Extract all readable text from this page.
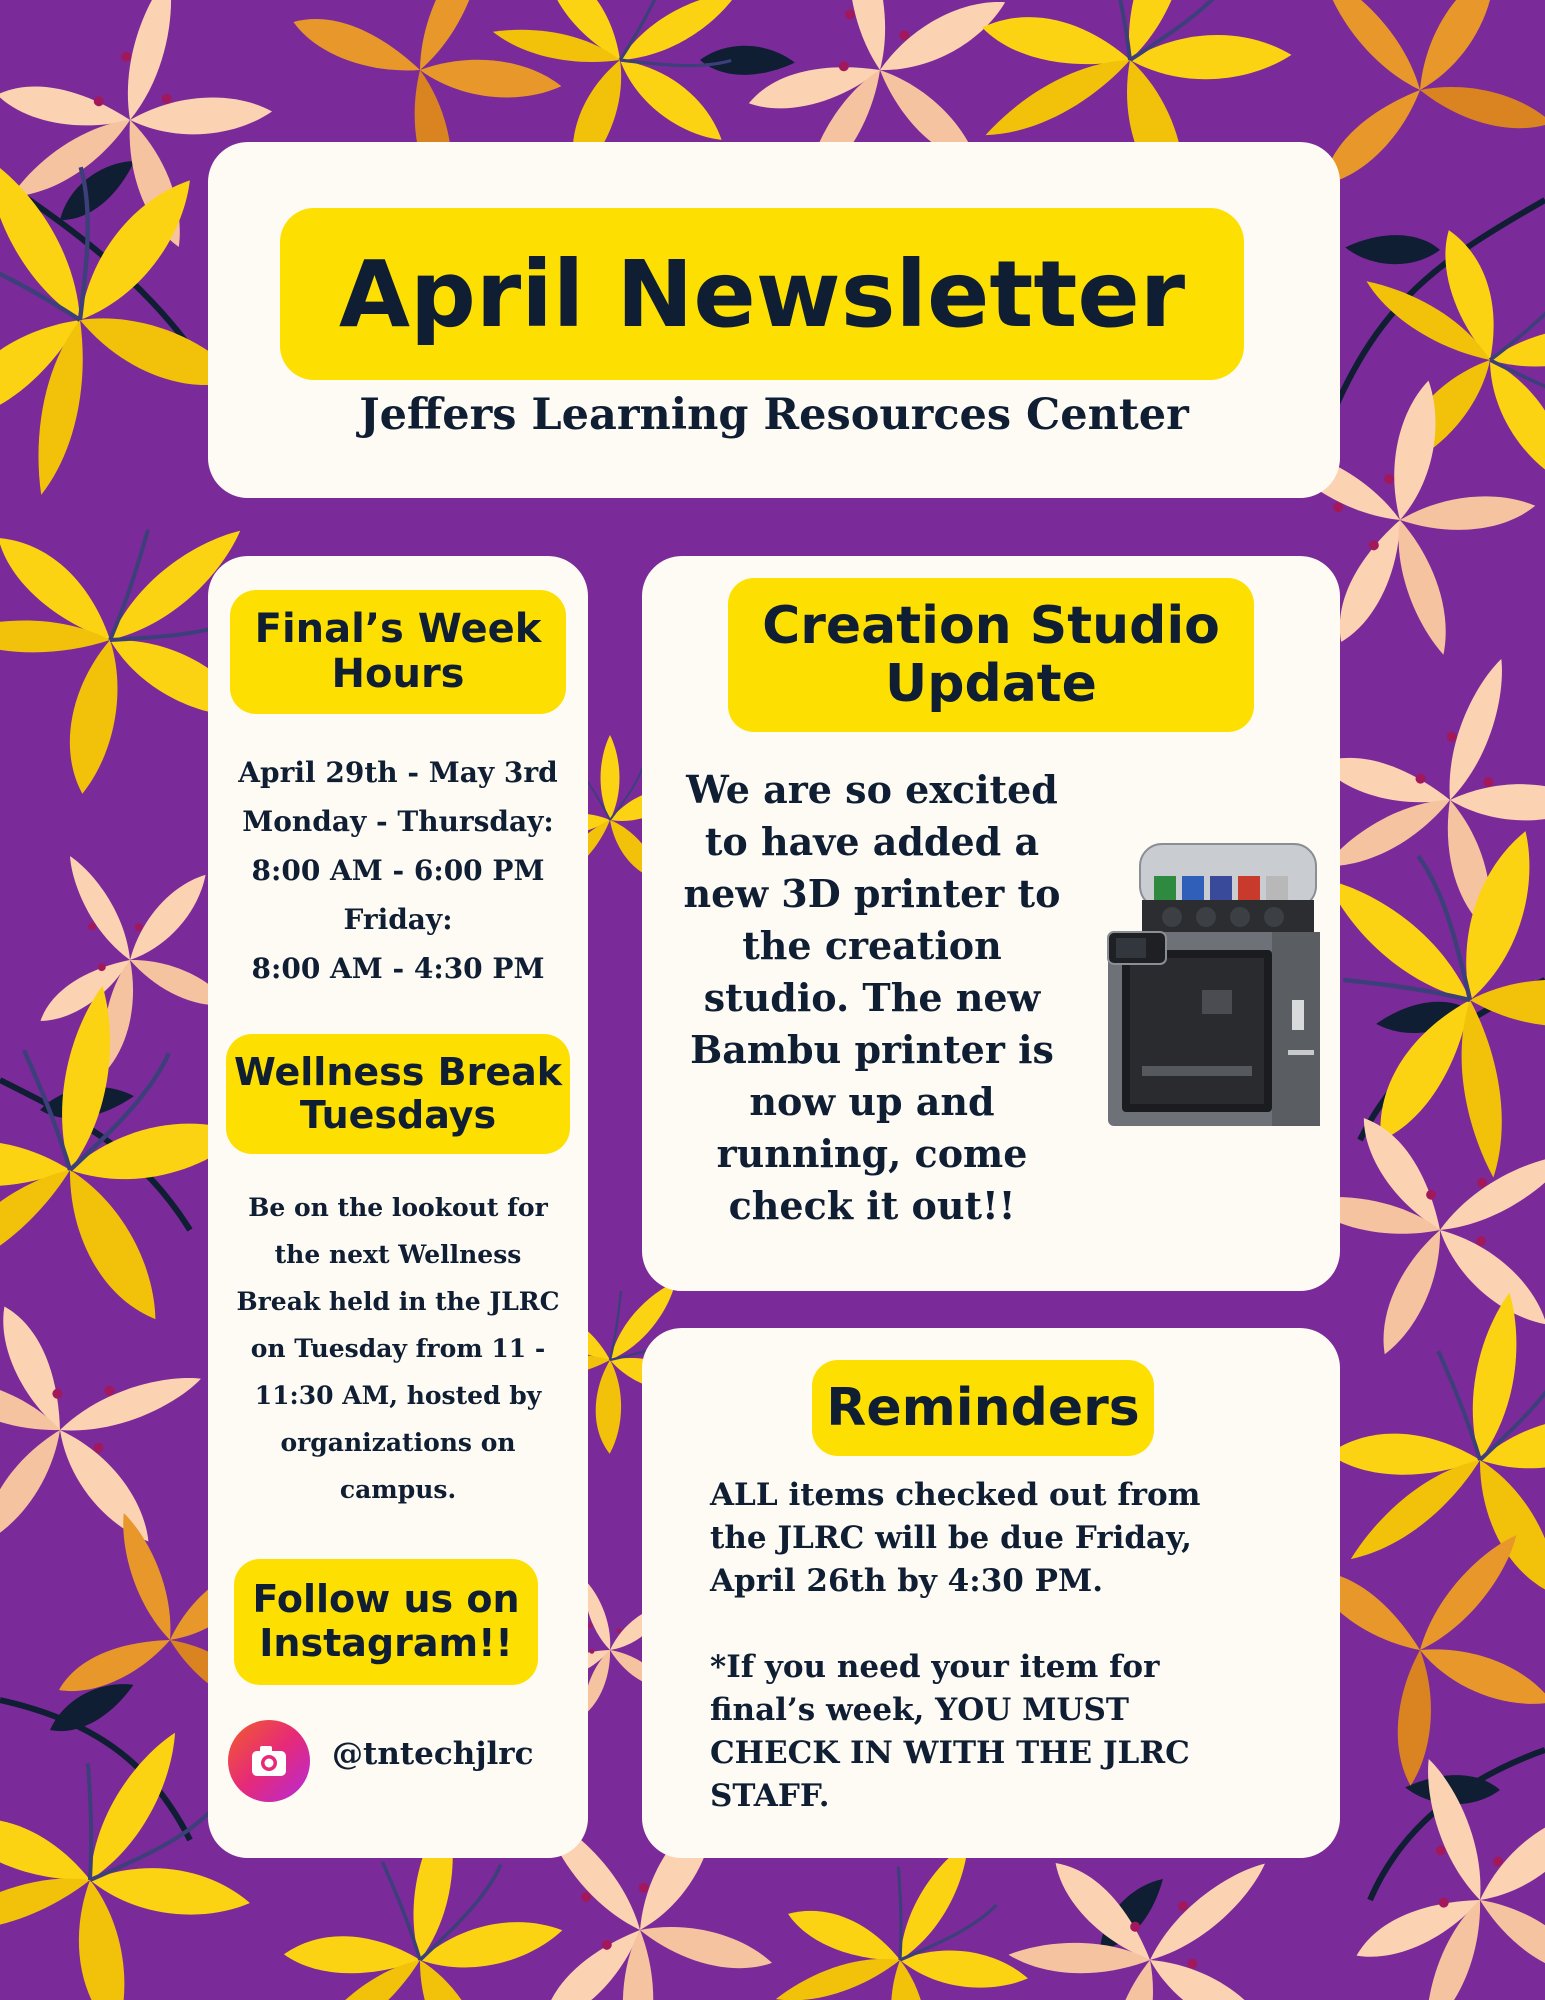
April Newsletter
Jeffers Learning Resources Center
Final’s Week
Hours
April 29th - May 3rd
Monday - Thursday:
8:00 AM - 6:00 PM
Friday:
8:00 AM - 4:30 PM
Wellness Break
Tuesdays
Be on the lookout for
the next Wellness
Break held in the JLRC
on Tuesday from 11 -
11:30 AM, hosted by
organizations on
campus.
Follow us on
Instagram!!
@tntechjlrc
Creation Studio
Update
We are so excited
to have added a
new 3D printer to
the creation
studio. The new
Bambu printer is
now up and
running, come
check it out!!
Reminders
ALL items checked out from
the JLRC will be due Friday,
April 26th by 4:30 PM.
*If you need your item for
final’s week, YOU MUST
CHECK IN WITH THE JLRC
STAFF.
